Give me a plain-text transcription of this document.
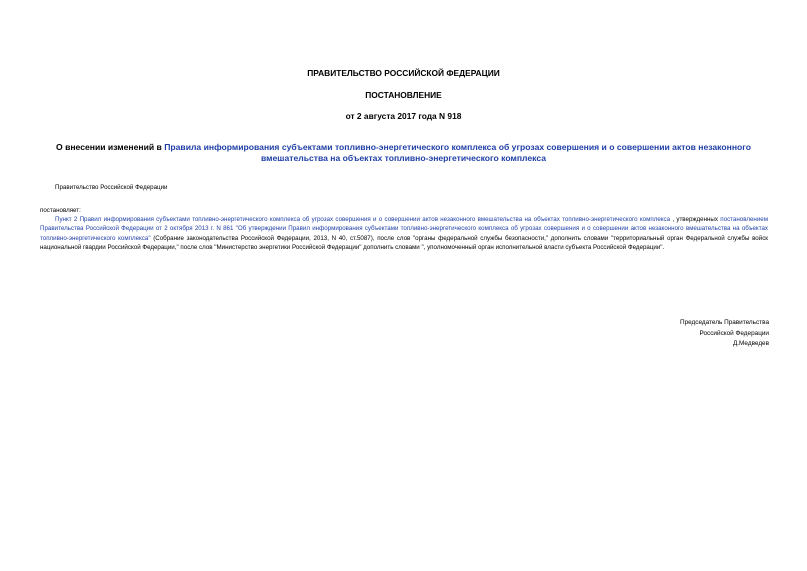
ПРАВИТЕЛЬСТВО РОССИЙСКОЙ ФЕДЕРАЦИИ
ПОСТАНОВЛЕНИЕ
от 2 августа 2017 года N 918
О внесении изменений в Правила информирования субъектами топливно-энергетического комплекса об угрозах совершения и о совершении актов незаконного вмешательства на объектах топливно-энергетического комплекса
Правительство Российской Федерации
постановляет:
Пункт 2 Правил информирования субъектами топливно-энергетического комплекса об угрозах совершения и о совершении актов незаконного вмешательства на объектах топливно-энергетического комплекса , утвержденных постановлением Правительства Российской Федерации от 2 октября 2013 г. N 861 "Об утверждении Правил информирования субъектами топливно-энергетического комплекса об угрозах совершения и о совершении актов незаконного вмешательства на объектах топливно-энергетического комплекса" (Собрание законодательства Российской Федерации, 2013, N 40, ст.5087), после слов "органы федеральной службы безопасности," дополнить словами "территориальный орган Федеральной службы войск национальной гвардии Российской Федерации," после слов "Министерство энергетики Российской Федерации" дополнить словами ", уполномоченный орган исполнительной власти субъекта Российской Федерации".
Председатель Правительства
Российской Федерации
Д.Медведев
